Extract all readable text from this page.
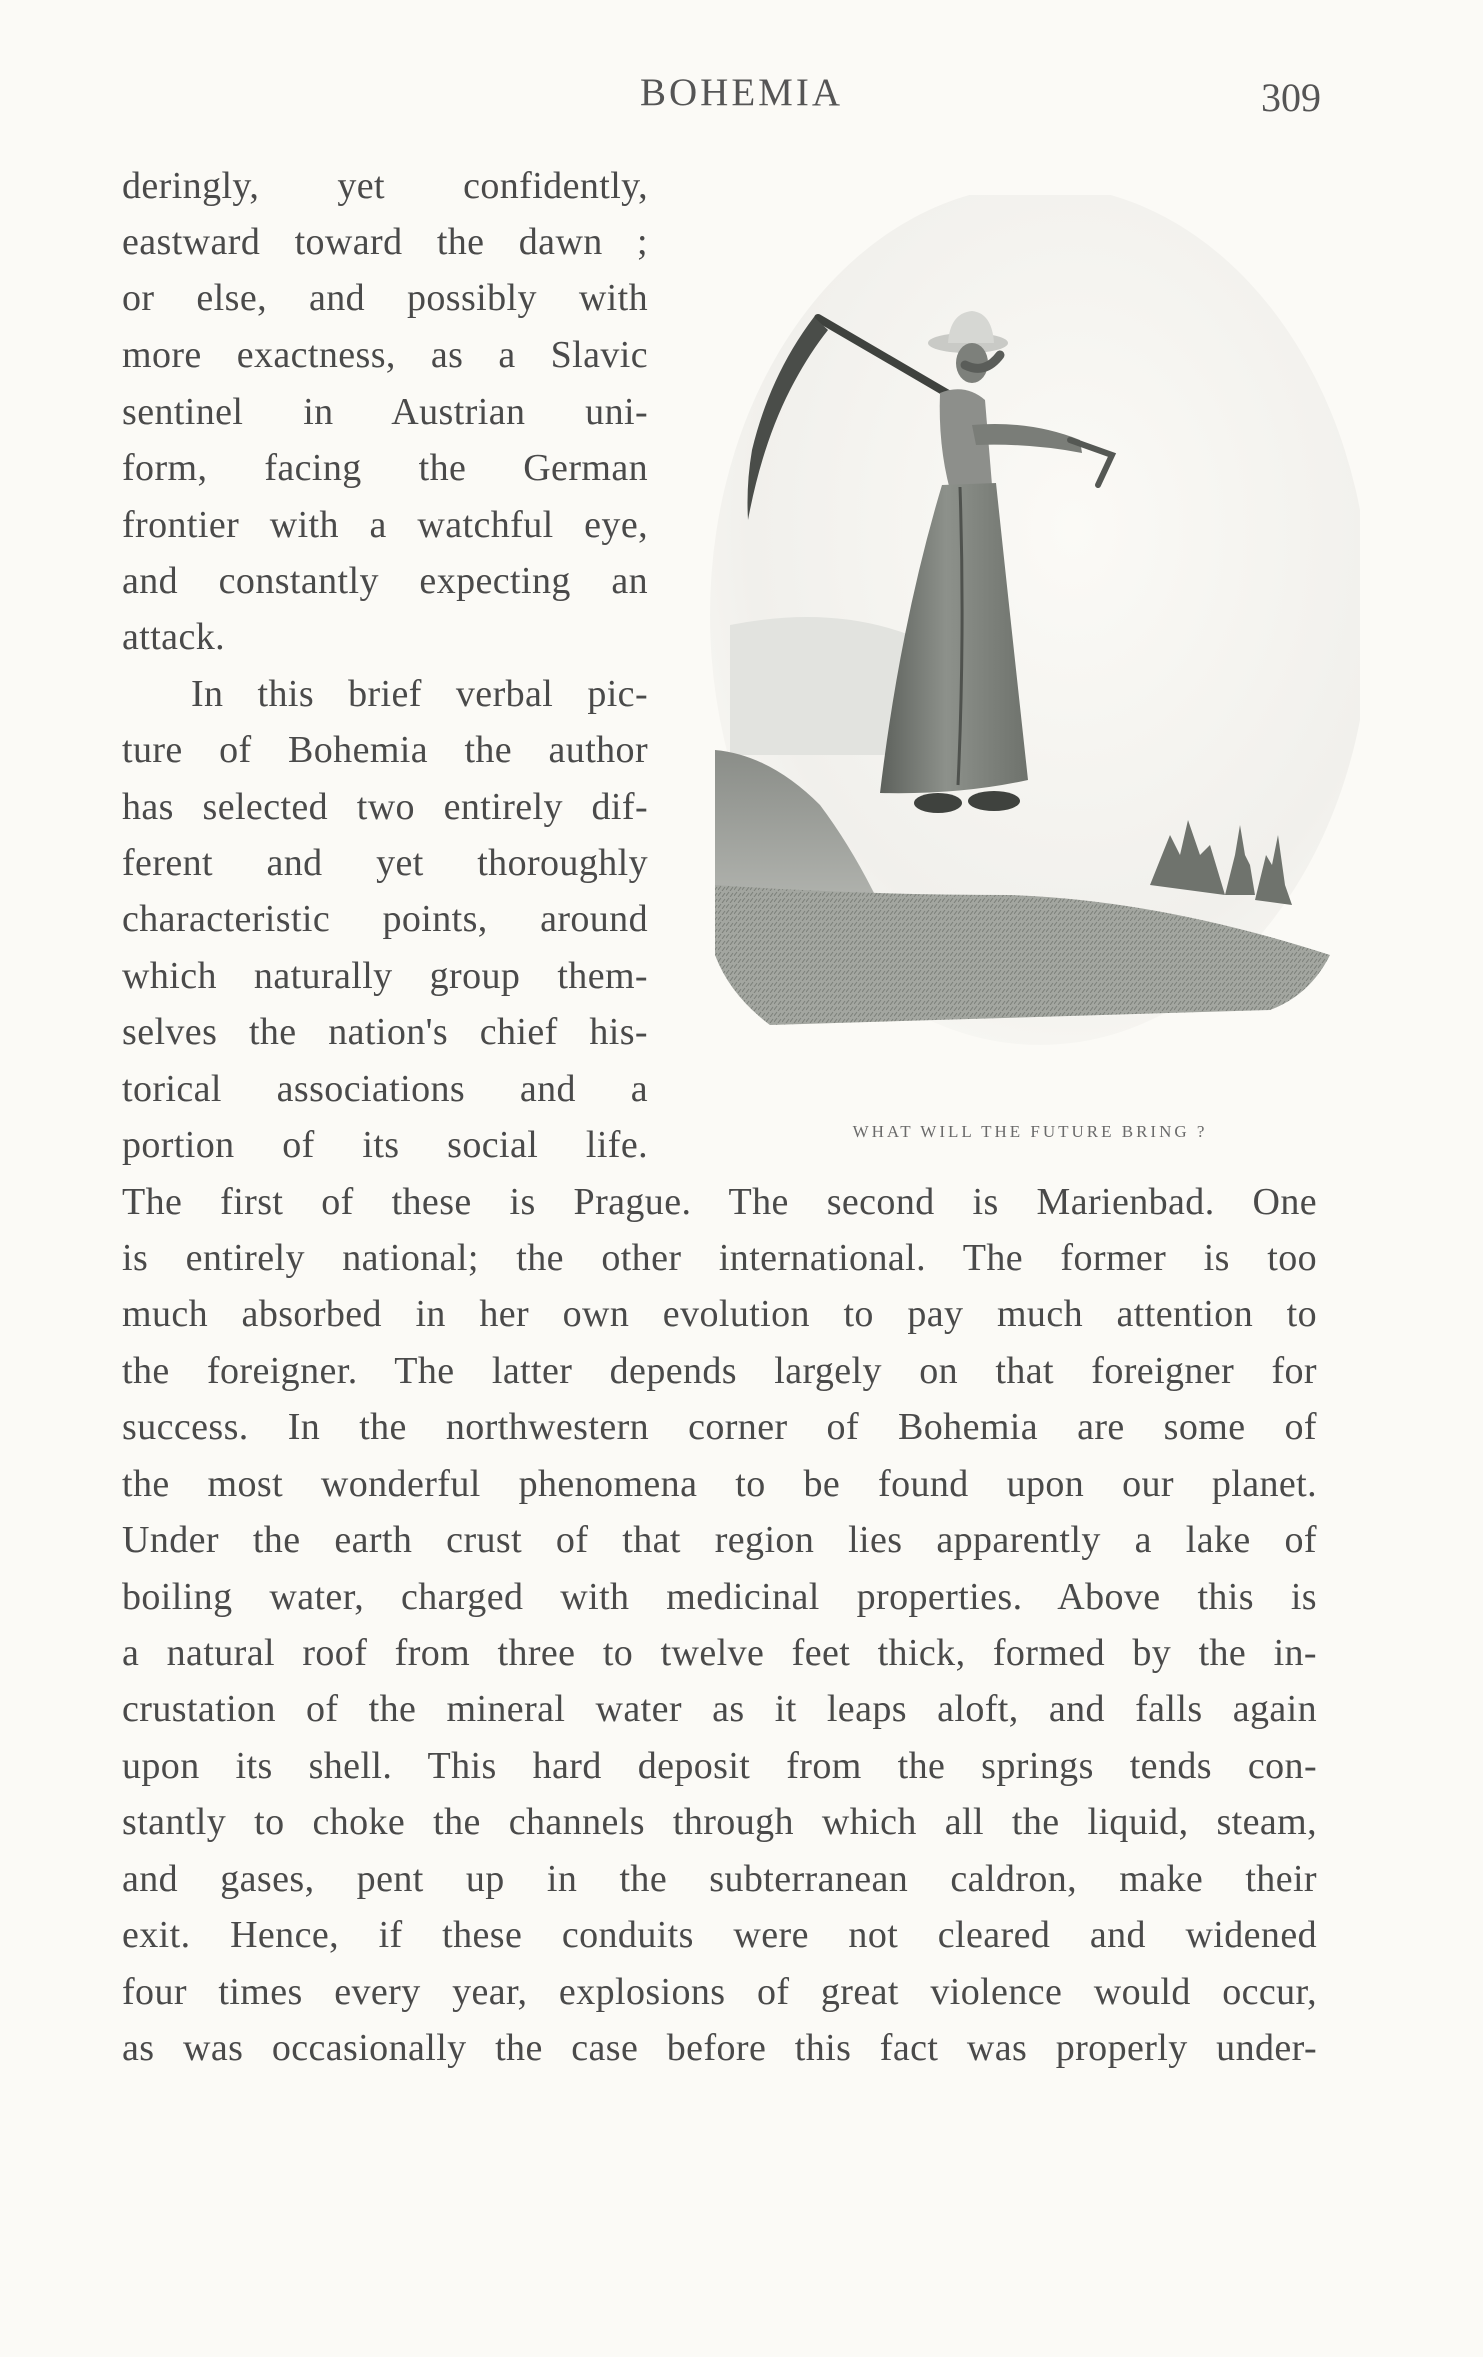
BOHEMIA	309
deringly, yet confidently,
eastward toward the dawn ;
or else, and possibly with
more exactness, as a Slavic
sentinel in Austrian uni-
form, facing the German
frontier with a watchful eye,
and constantly expecting an
attack.
In this brief verbal pic-
ture of Bohemia the author
has selected two entirely dif-
ferent and yet thoroughly
characteristic points, around
which naturally group them-
selves the nation's chief his-
torical associations and a
portion of its social life.
The first of these is Prague. The second is Marienbad. One
is entirely national; the other international. The former is too
much absorbed in her own evolution to pay much attention to
the foreigner. The latter depends largely on that foreigner for
success. In the northwestern corner of Bohemia are some of
the most wonderful phenomena to be found upon our planet.
Under the earth crust of that region lies apparently a lake of
boiling water, charged with medicinal properties. Above this is
a natural roof from three to twelve feet thick, formed by the in-
crustation of the mineral water as it leaps aloft, and falls again
upon its shell. This hard deposit from the springs tends con-
stantly to choke the channels through which all the liquid, steam,
and gases, pent up in the subterranean caldron, make their
exit. Hence, if these conduits were not cleared and widened
four times every year, explosions of great violence would occur,
as was occasionally the case before this fact was properly under-
WHAT WILL THE FUTURE BRING ?
